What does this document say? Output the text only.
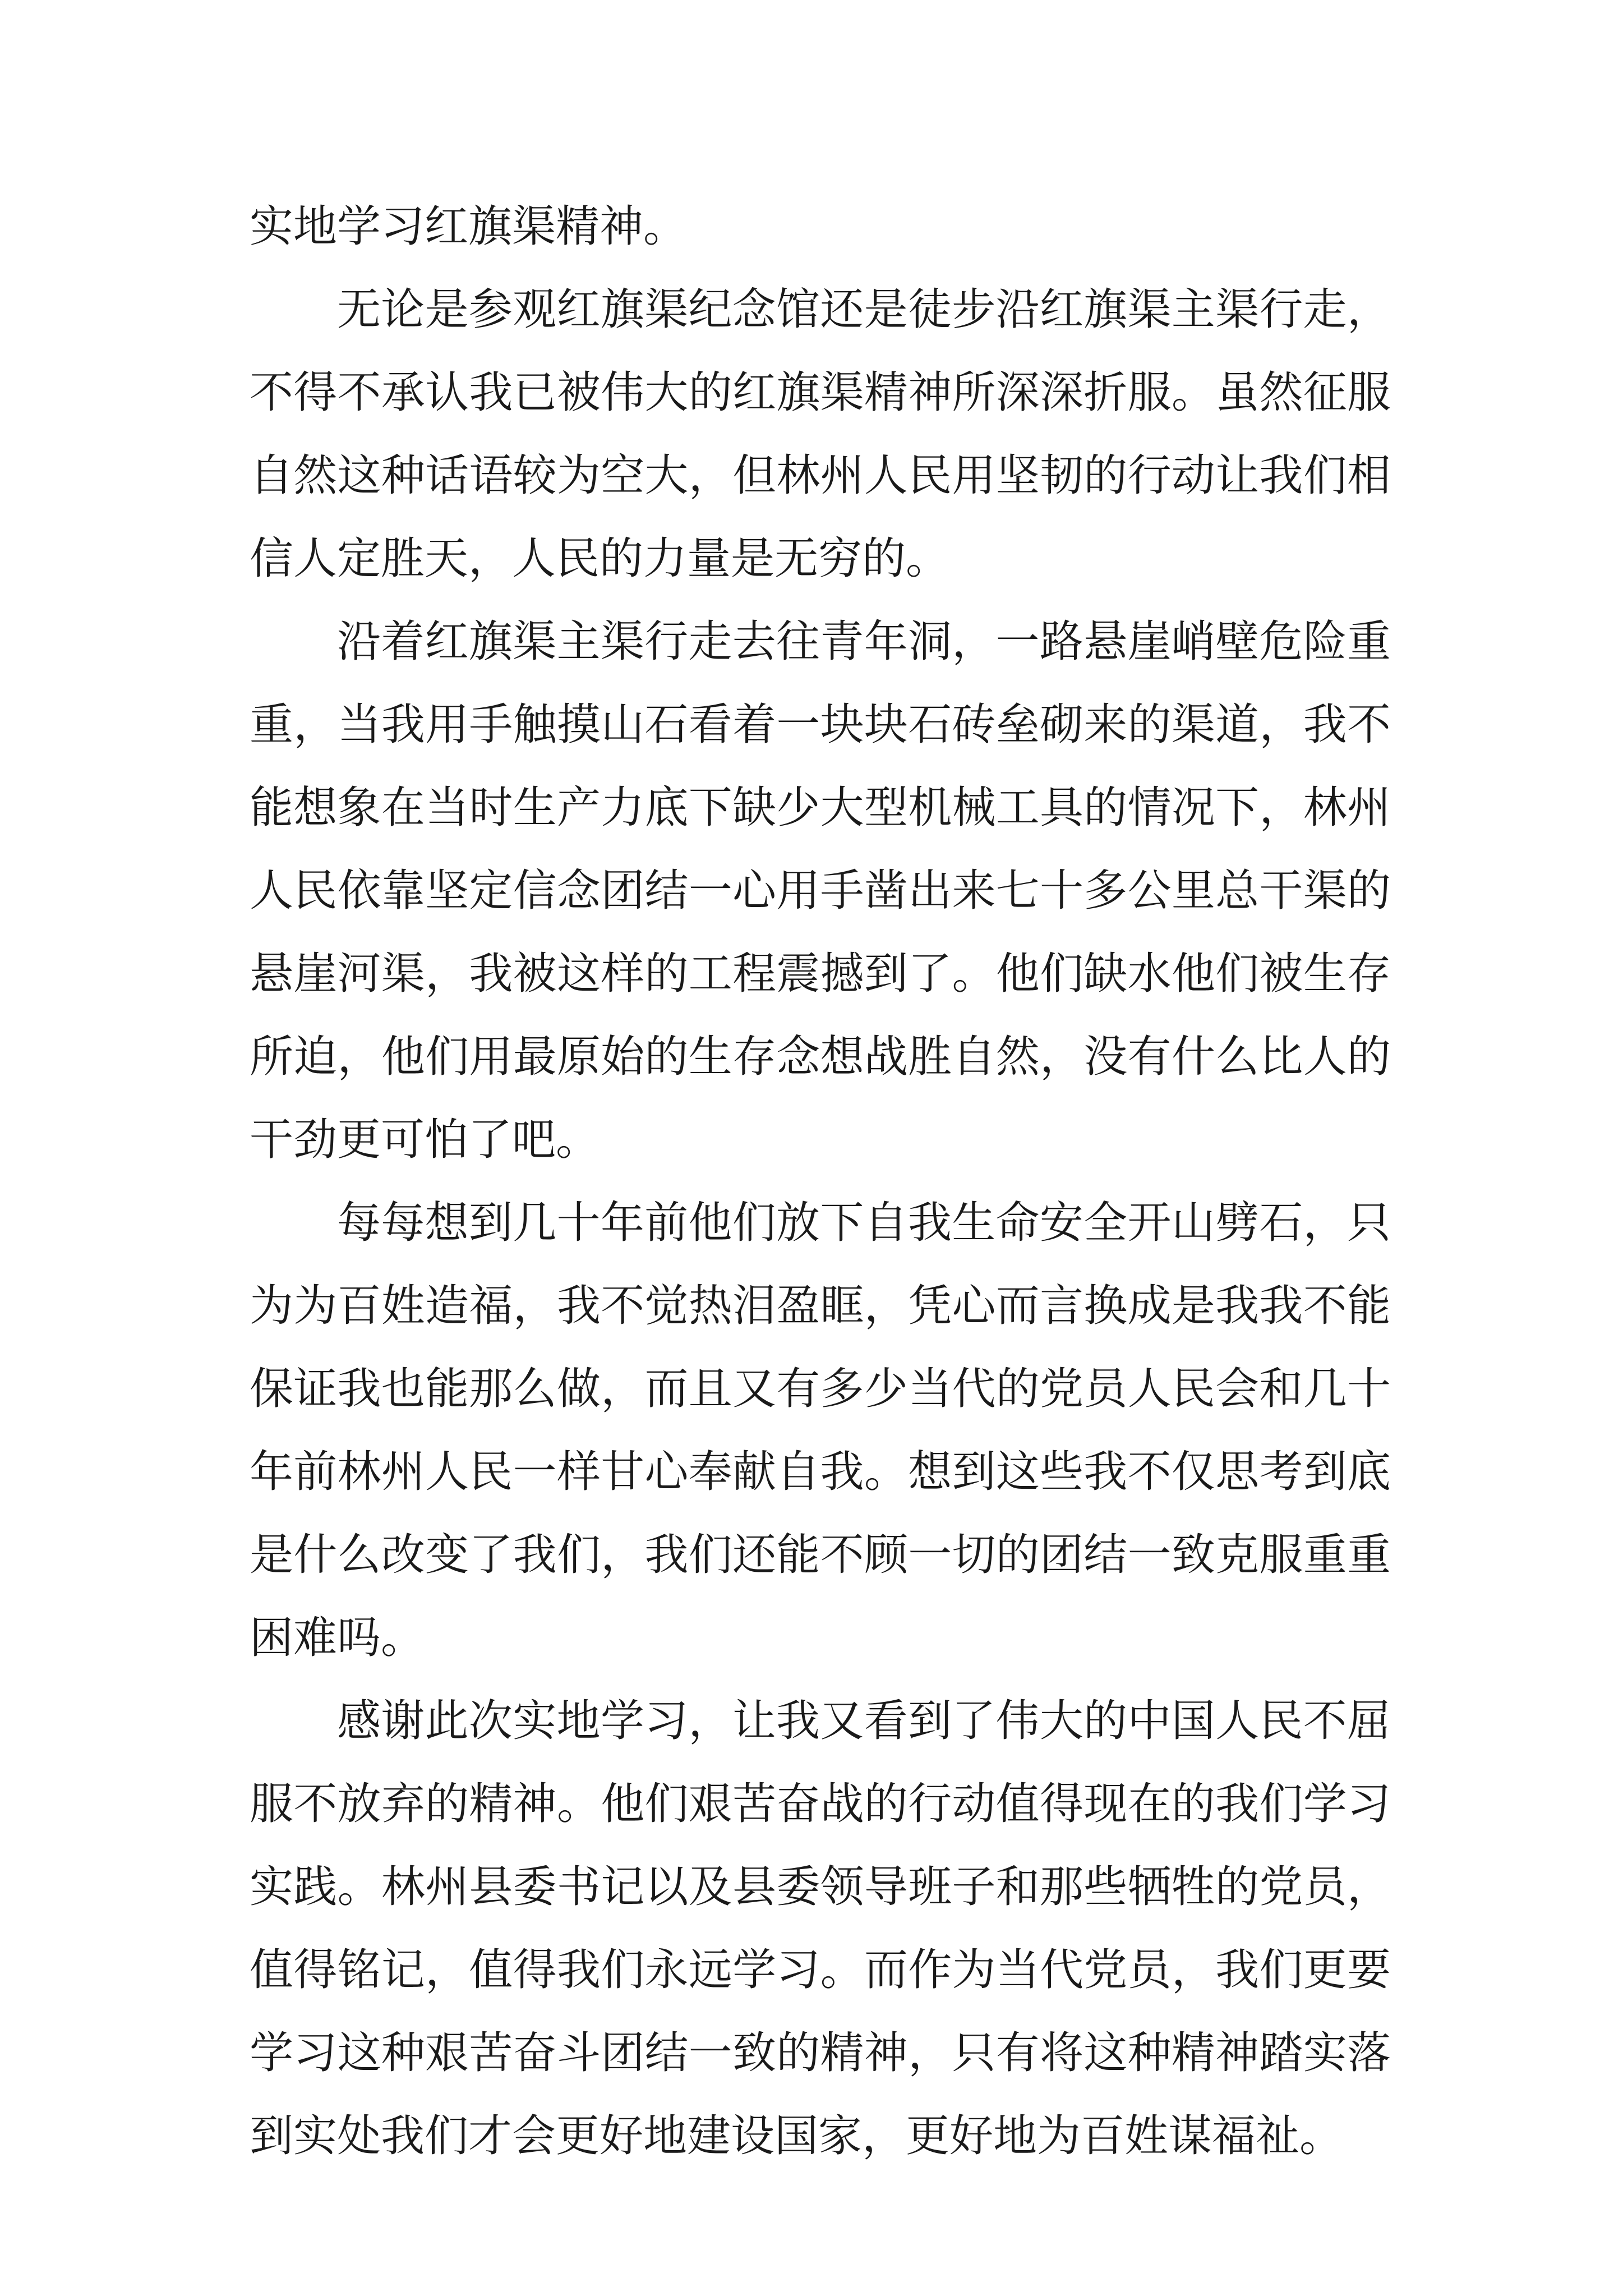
实地学习红旗渠精神。

无论是参观红旗渠纪念馆还是徒步沿红旗渠主渠行走，不得不承认我已被伟大的红旗渠精神所深深折服。虽然征服自然这种话语较为空大，但林州人民用坚韧的行动让我们相信人定胜天，人民的力量是无穷的。

沿着红旗渠主渠行走去往青年洞，一路悬崖峭壁危险重重，当我用手触摸山石看着一块块石砖垒砌来的渠道，我不能想象在当时生产力底下缺少大型机械工具的情况下，林州人民依靠坚定信念团结一心用手凿出来七十多公里总干渠的悬崖河渠，我被这样的工程震撼到了。他们缺水他们被生存所迫，他们用最原始的生存念想战胜自然，没有什么比人的干劲更可怕了吧。

每每想到几十年前他们放下自我生命安全开山劈石，只为为百姓造福，我不觉热泪盈眶，凭心而言换成是我我不能保证我也能那么做，而且又有多少当代的党员人民会和几十年前林州人民一样甘心奉献自我。想到这些我不仅思考到底是什么改变了我们，我们还能不顾一切的团结一致克服重重困难吗。

感谢此次实地学习，让我又看到了伟大的中国人民不屈服不放弃的精神。他们艰苦奋战的行动值得现在的我们学习实践。林州县委书记以及县委领导班子和那些牺牲的党员，值得铭记，值得我们永远学习。而作为当代党员，我们更要学习这种艰苦奋斗团结一致的精神，只有将这种精神踏实落到实处我们才会更好地建设国家，更好地为百姓谋福祉。
